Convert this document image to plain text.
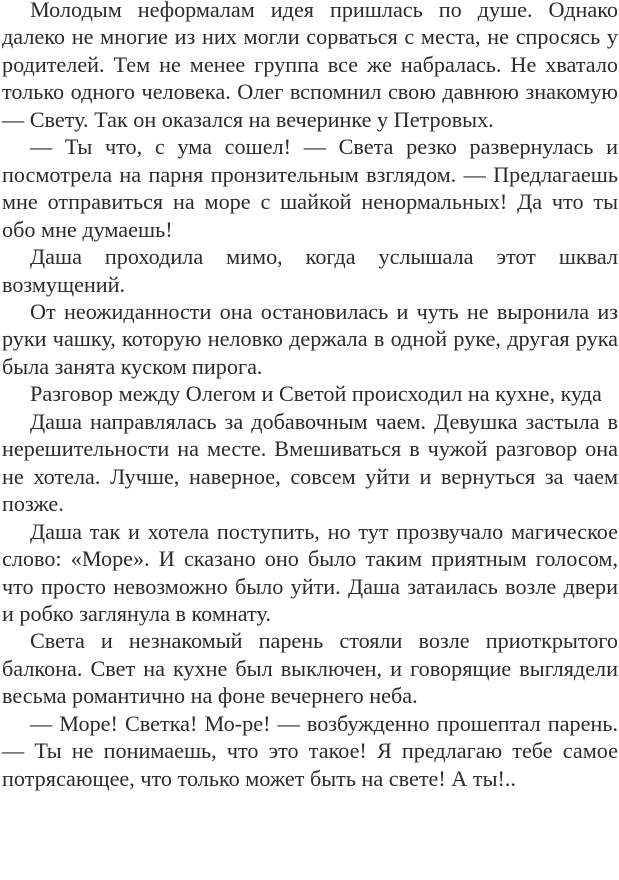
Молодым неформалам идея пришлась по душе. Однако далеко не многие из них могли сорваться с места, не спросясь у родителей. Тем не менее группа все же набралась. Не хватало только одного человека. Олег вспомнил свою давнюю знакомую — Свету. Так он оказался на вечеринке у Петровых.

— Ты что, с ума сошел! — Света резко развернулась и посмотрела на парня пронзительным взглядом. — Предлагаешь мне отправиться на море с шайкой ненормальных! Да что ты обо мне думаешь!

Даша проходила мимо, когда услышала этот шквал возмущений.

От неожиданности она остановилась и чуть не выронила из руки чашку, которую неловко держала в одной руке, другая рука была занята куском пирога.

Разговор между Олегом и Светой происходил на кухне, куда

Даша направлялась за добавочным чаем. Девушка застыла в нерешительности на месте. Вмешиваться в чужой разговор она не хотела. Лучше, наверное, совсем уйти и вернуться за чаем позже.

Даша так и хотела поступить, но тут прозвучало магическое слово: «Море». И сказано оно было таким приятным голосом, что просто невозможно было уйти. Даша затаилась возле двери и робко заглянула в комнату.

Света и незнакомый парень стояли возле приоткрытого балкона. Свет на кухне был выключен, и говорящие выглядели весьма романтично на фоне вечернего неба.

— Море! Светка! Мо-ре! — возбужденно прошептал парень. — Ты не понимаешь, что это такое! Я предлагаю тебе самое потрясающее, что только может быть на свете! А ты!..
